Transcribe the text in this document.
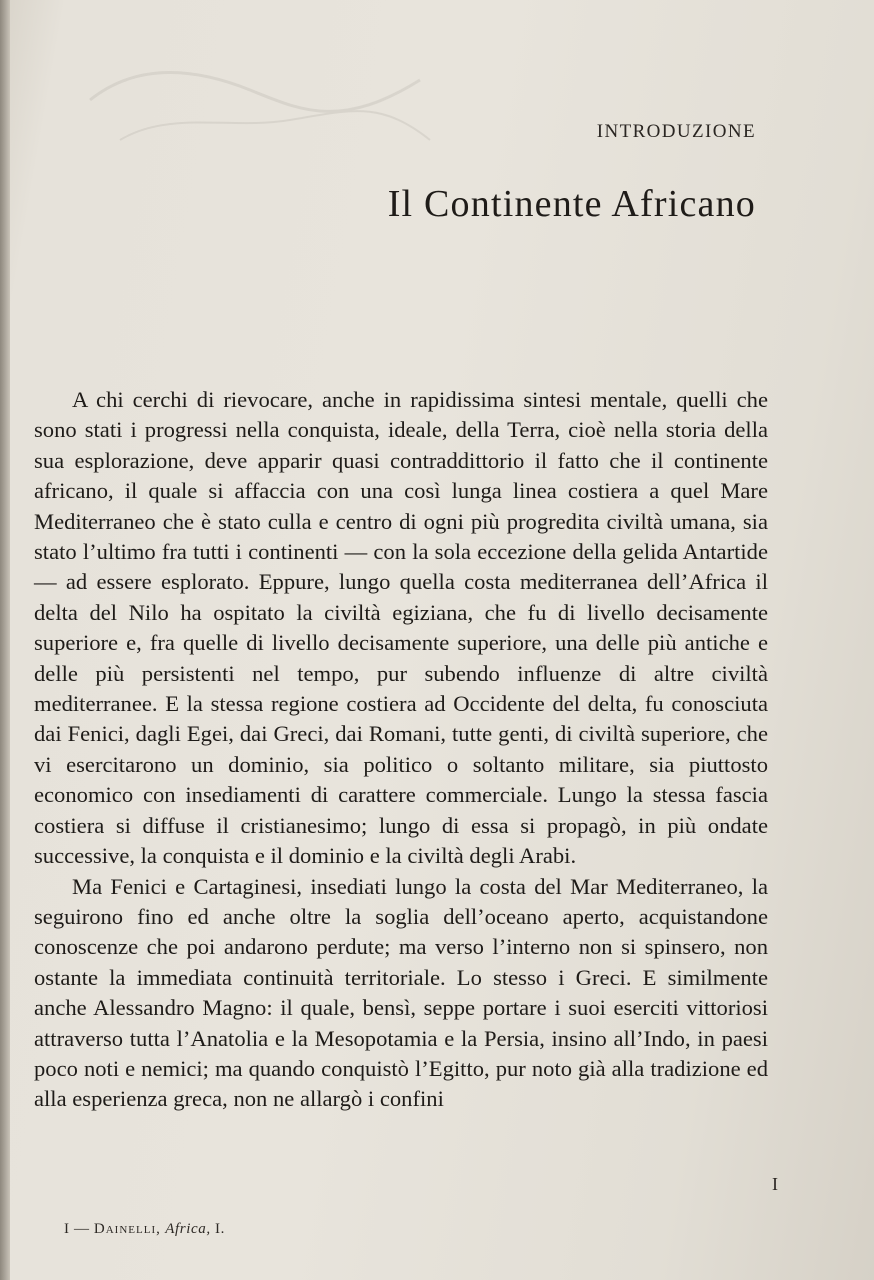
INTRODUZIONE
Il Continente Africano

A chi cerchi di rievocare, anche in rapidissima sintesi mentale, quelli che sono stati i progressi nella conquista, ideale, della Terra, cioè nella storia della sua esplorazione, deve apparir quasi contraddittorio il fatto che il continente africano, il quale si affaccia con una così lunga linea costiera a quel Mare Mediterraneo che è stato culla e centro di ogni più progredita civiltà umana, sia stato l’ultimo fra tutti i continenti — con la sola eccezione della gelida Antartide — ad essere esplorato. Eppure, lungo quella costa mediterranea dell’Africa il delta del Nilo ha ospitato la civiltà egiziana, che fu di livello decisamente superiore e, fra quelle di livello decisamente superiore, una delle più antiche e delle più persistenti nel tempo, pur subendo influenze di altre civiltà mediterranee. E la stessa regione costiera ad Occidente del delta, fu conosciuta dai Fenici, dagli Egei, dai Greci, dai Romani, tutte genti, di civiltà superiore, che vi esercitarono un dominio, sia politico o soltanto militare, sia piuttosto economico con insediamenti di carattere commerciale. Lungo la stessa fascia costiera si diffuse il cristianesimo; lungo di essa si propagò, in più ondate successive, la conquista e il dominio e la civiltà degli Arabi.

Ma Fenici e Cartaginesi, insediati lungo la costa del Mar Mediterraneo, la seguirono fino ed anche oltre la soglia dell’oceano aperto, acquistandone conoscenze che poi andarono perdute; ma verso l’interno non si spinsero, non ostante la immediata continuità territoriale. Lo stesso i Greci. E similmente anche Alessandro Magno: il quale, bensì, seppe portare i suoi eserciti vittoriosi attraverso tutta l’Anatolia e la Mesopotamia e la Persia, insino all’Indo, in paesi poco noti e nemici; ma quando conquistò l’Egitto, pur noto già alla tradizione ed alla esperienza greca, non ne allargò i confini

I
I — Dainelli, Africa, I.
